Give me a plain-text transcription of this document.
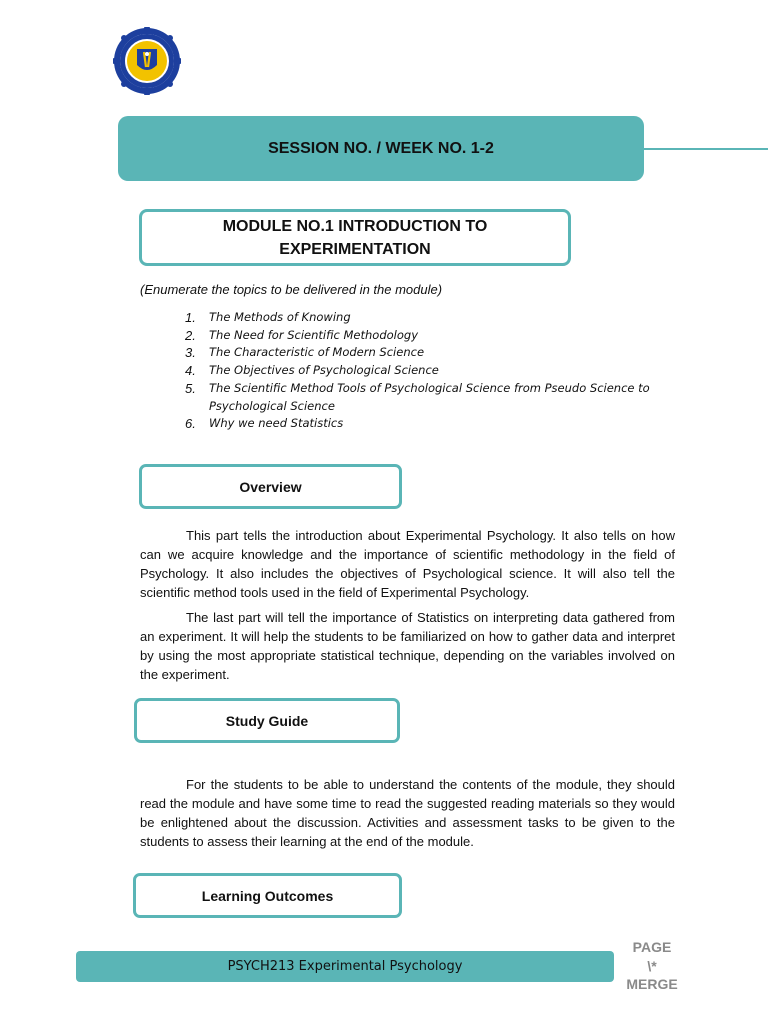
SESSION NO. / WEEK NO. 1-2
MODULE NO.1 INTRODUCTION TO
EXPERIMENTATION
(Enumerate the topics to be delivered in the module)
1.	The Methods of Knowing
2.	The Need for Scientific Methodology
3.	The Characteristic of Modern Science
4.	The Objectives of Psychological Science
5.	The Scientific Method Tools of Psychological Science from Pseudo Science to Psychological Science
6.	Why we need Statistics
Overview

This part tells the introduction about Experimental Psychology. It also tells on how can we acquire knowledge and the importance of scientific methodology in the field of Psychology. It also includes the objectives of Psychological science. It will also tell the scientific method tools used in the field of Experimental Psychology.

The last part will tell the importance of Statistics on interpreting data gathered from an experiment. It will help the students to be familiarized on how to gather data and interpret by using the most appropriate statistical technique, depending on the variables involved on the experiment.

Study Guide

For the students to be able to understand the contents of the module, they should read the module and have some time to read the suggested reading materials so they would be enlightened about the discussion. Activities and assessment tasks to be given to the students to assess their learning at the end of the module.

Learning Outcomes
PSYCH213 Experimental Psychology
PAGE
\*
MERGE
